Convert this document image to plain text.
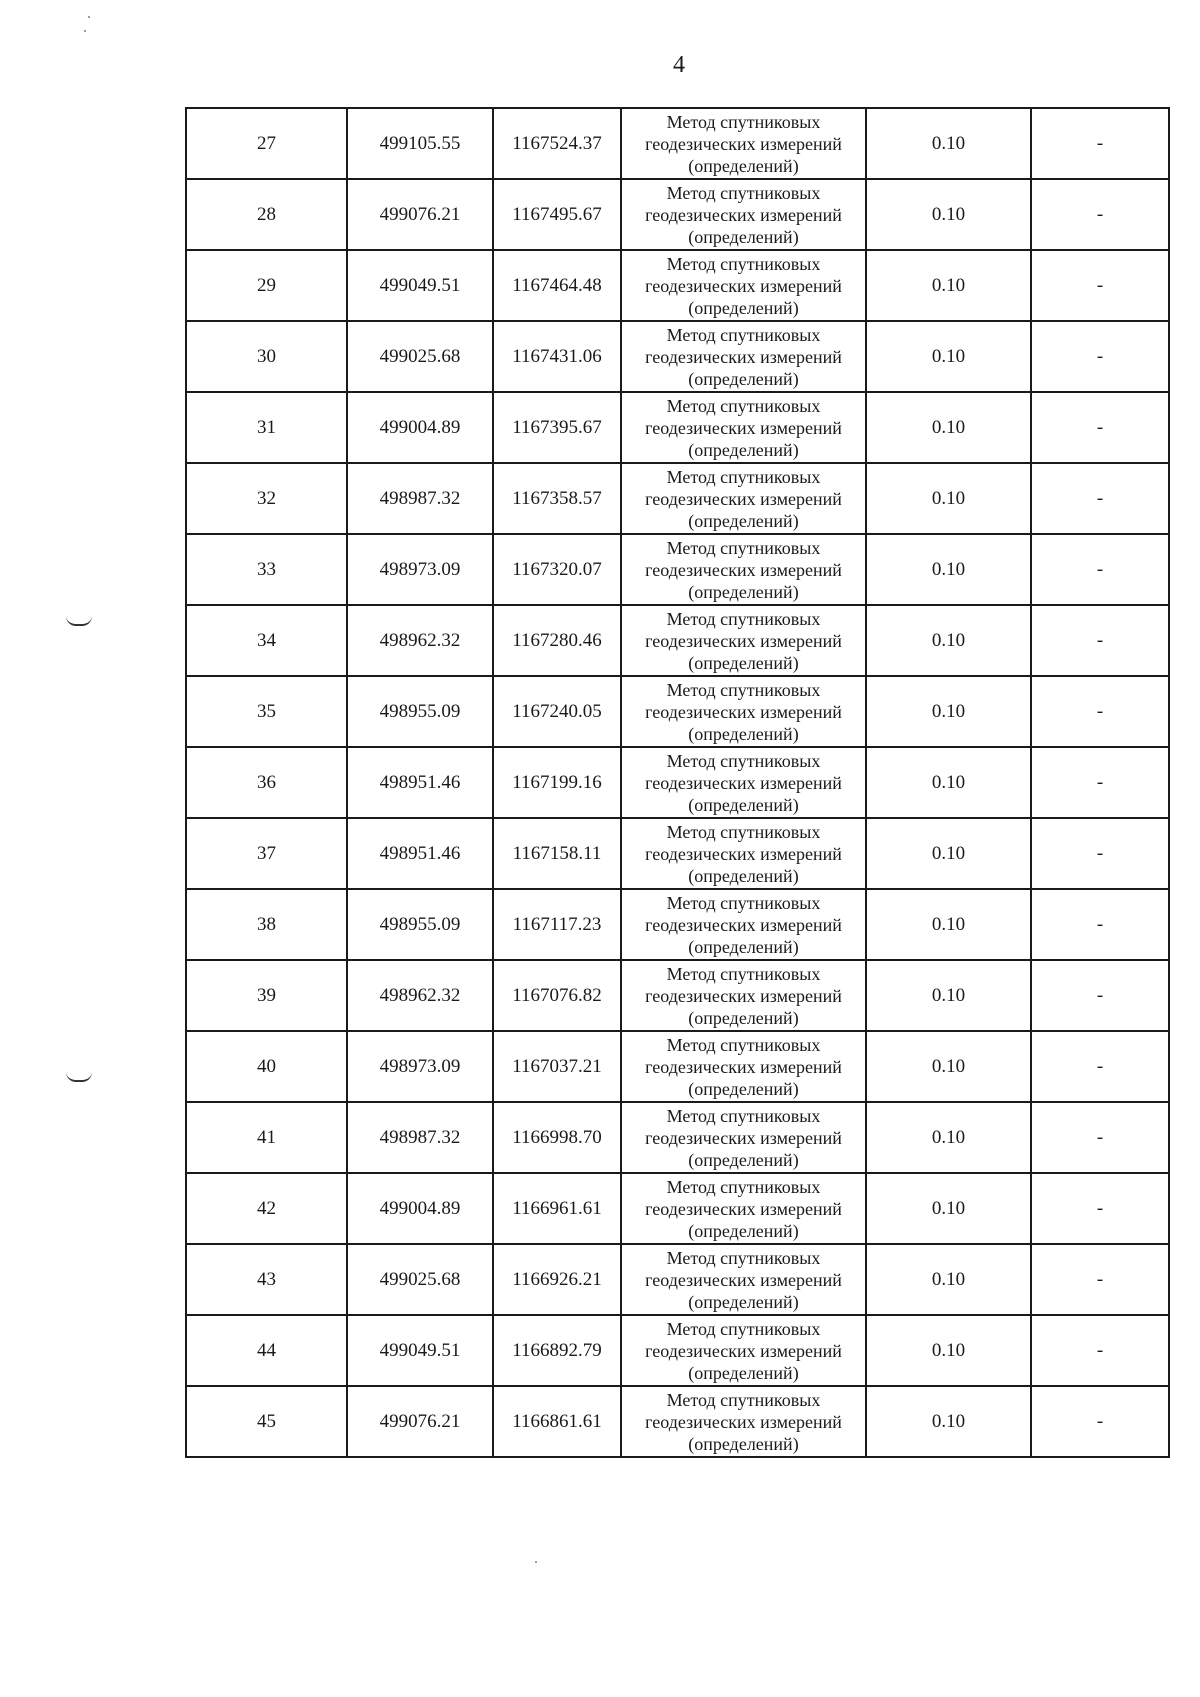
4
27	499105.55	1167524.37	Метод спутниковых
геодезических измерений
(определений)	0.10	-
28	499076.21	1167495.67	Метод спутниковых
геодезических измерений
(определений)	0.10	-
29	499049.51	1167464.48	Метод спутниковых
геодезических измерений
(определений)	0.10	-
30	499025.68	1167431.06	Метод спутниковых
геодезических измерений
(определений)	0.10	-
31	499004.89	1167395.67	Метод спутниковых
геодезических измерений
(определений)	0.10	-
32	498987.32	1167358.57	Метод спутниковых
геодезических измерений
(определений)	0.10	-
33	498973.09	1167320.07	Метод спутниковых
геодезических измерений
(определений)	0.10	-
34	498962.32	1167280.46	Метод спутниковых
геодезических измерений
(определений)	0.10	-
35	498955.09	1167240.05	Метод спутниковых
геодезических измерений
(определений)	0.10	-
36	498951.46	1167199.16	Метод спутниковых
геодезических измерений
(определений)	0.10	-
37	498951.46	1167158.11	Метод спутниковых
геодезических измерений
(определений)	0.10	-
38	498955.09	1167117.23	Метод спутниковых
геодезических измерений
(определений)	0.10	-
39	498962.32	1167076.82	Метод спутниковых
геодезических измерений
(определений)	0.10	-
40	498973.09	1167037.21	Метод спутниковых
геодезических измерений
(определений)	0.10	-
41	498987.32	1166998.70	Метод спутниковых
геодезических измерений
(определений)	0.10	-
42	499004.89	1166961.61	Метод спутниковых
геодезических измерений
(определений)	0.10	-
43	499025.68	1166926.21	Метод спутниковых
геодезических измерений
(определений)	0.10	-
44	499049.51	1166892.79	Метод спутниковых
геодезических измерений
(определений)	0.10	-
45	499076.21	1166861.61	Метод спутниковых
геодезических измерений
(определений)	0.10	-
